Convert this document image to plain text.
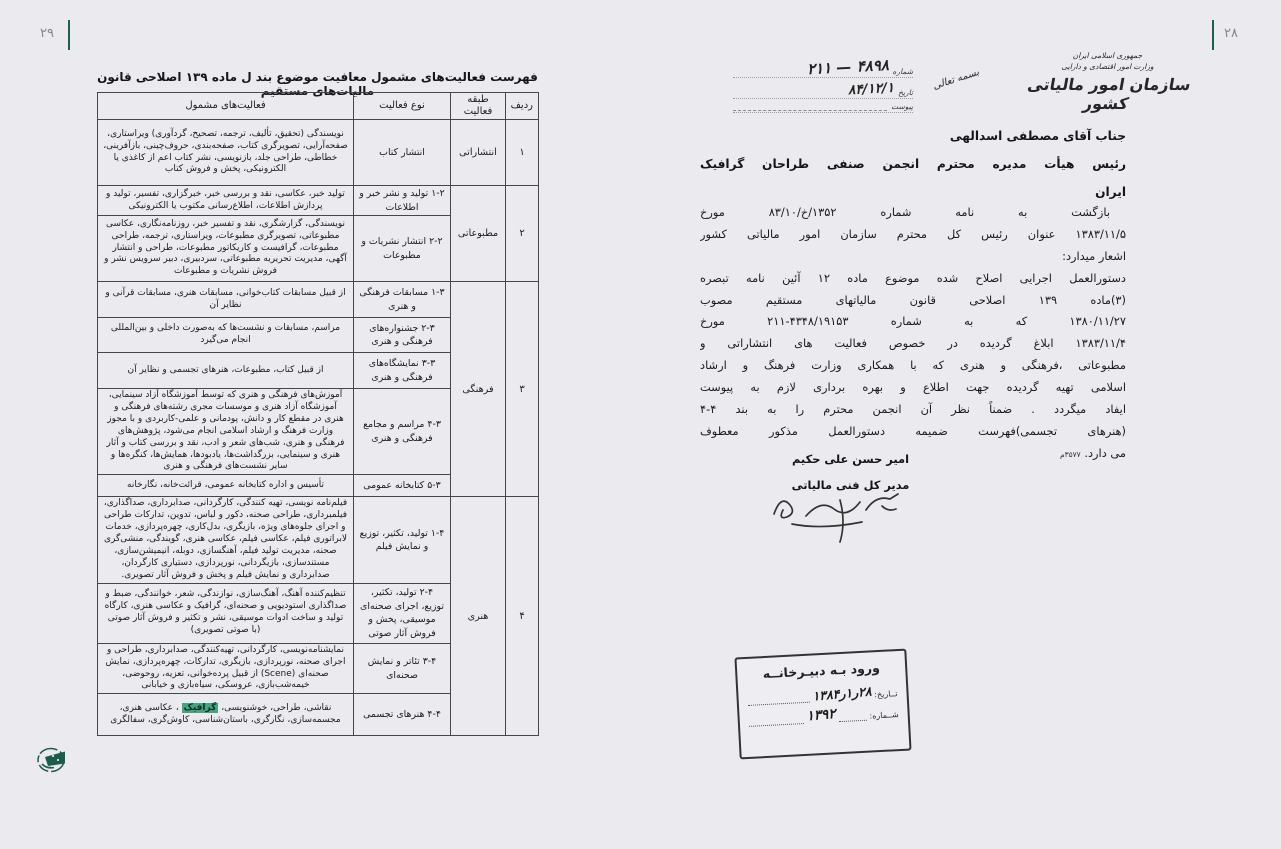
۲۹	۲۸
فهرست فعالیت‌های مشمول معافیت موضوع بند ل ماده ۱۳۹ اصلاحی قانون مالیات‌های مستقیم
ردیف	طبقه فعالیت	نوع فعالیت	فعالیت‌های مشمول
۱	انتشاراتی	انتشار کتاب	نویسندگی (تحقیق، تألیف، ترجمه، تصحیح، گردآوری) ویراستاری، صفحه‌آرایی، تصویرگری کتاب، صفحه‌بندی، حروف‌چینی، بازآفرینی، خطاطی، طراحی جلد، بازنویسی، نشر کتاب اعم از کاغذی یا الکترونیکی، پخش و فروش کتاب
۲	مطبوعاتی	۱-۲ تولید و نشر خبر و اطلاعات	تولید خبر، عکاسی، نقد و بررسی خبر، خبرگزاری، تفسیر، تولید و پردازش اطلاعات، اطلاع‌رسانی مکتوب یا الکترونیکی
		۲-۲ انتشار نشریات و مطبوعات	نویسندگی، گزارشگری، نقد و تفسیر خبر، روزنامه‌نگاری، عکاسی مطبوعاتی، تصویرگری مطبوعات، ویراستاری، ترجمه، طراحی مطبوعات، گرافیست و کاریکاتور مطبوعات، طراحی و انتشار آگهی، مدیریت تحریریه مطبوعاتی، سردبیری، دبیر سرویس نشر و فروش نشریات و مطبوعات
۳	فرهنگی	۱-۳ مسابقات فرهنگی و هنری	از قبیل مسابقات کتاب‌خوانی، مسابقات هنری، مسابقات قرآنی و نظایر آن
		۲-۳ جشنواره‌های فرهنگی و هنری	مراسم، مسابقات و نشست‌ها که به‌صورت داخلی و بین‌المللی انجام می‌گیرد
		۳-۳ نمایشگاه‌های فرهنگی و هنری	از قبیل کتاب، مطبوعات، هنرهای تجسمی و نظایر آن
		۴-۳ مراسم و مجامع فرهنگی و هنری	آموزش‌های فرهنگی و هنری که توسط آموزشگاه آزاد سینمایی، آموزشگاه آزاد هنری و موسسات مجری رشته‌های فرهنگی و هنری در مقطع کار و دانش، پودمانی و علمی-کاربردی و با مجوز وزارت فرهنگ و ارشاد اسلامی انجام می‌شود، پژوهش‌های فرهنگی و هنری، شب‌های شعر و ادب، نقد و بررسی کتاب و آثار هنری و سینمایی، بزرگداشت‌ها، یادبودها، همایش‌ها، کنگره‌ها و سایر نشست‌های فرهنگی و هنری
		۵-۳ کتابخانه عمومی	تأسیس و اداره کتابخانه عمومی، قرائت‌خانه، نگارخانه
۴	هنری	۱-۴ تولید، تکثیر، توزیع و نمایش فیلم	فیلم‌نامه نویسی، تهیه کنندگی، کارگردانی، صدابرداری، صداگذاری، فیلمبرداری، طراحی صحنه، دکور و لباس، تدوین، تدارکات طراحی و اجرای جلوه‌های ویژه، بازیگری، بدل‌کاری، چهره‌پردازی، خدمات لابراتوری فیلم، عکاسی فیلم، عکاسی هنری، گویندگی، منشی‌گری صحنه، مدیریت تولید فیلم، آهنگسازی، دوبله، انیمیشن‌سازی، مستندسازی، بازیگردانی، نورپردازی، دستیاری کارگردان، صدابرداری و نمایش فیلم و پخش و فروش آثار تصویری.
		۲-۴ تولید، تکثیر، توزیع، اجرای صحنه‌ای موسیقی، پخش و فروش آثار صوتی	تنظیم‌کننده آهنگ، آهنگ‌سازی، نوازندگی، شعر، خوانندگی، ضبط و صداگذاری استودیویی و صحنه‌ای، گرافیک و عکاسی هنری، کارگاه تولید و ساخت ادوات موسیقی، نشر و تکثیر و فروش آثار صوتی (با صوتی تصویری)
		۳-۴ تئاتر و نمایش صحنه‌ای	نمایشنامه‌نویسی، کارگردانی، تهیه‌کنندگی، صدابرداری، طراحی و اجرای صحنه، نورپردازی، بازیگری، تدارکات، چهره‌پردازی، نمایش صحنه‌ای (Scene) از قبیل پرده‌خوانی، تعزیه، روحوضی، خیمه‌شب‌بازی، عروسکی، سیاه‌بازی و خیابانی
		۴-۴ هنرهای تجسمی	نقاشی، طراحی، خوشنویسی، گرافیک ، عکاسی هنری، مجسمه‌سازی، نگارگری، باستان‌شناسی، کاوش‌گری، سفالگری
جمهوری اسلامی ایران
وزارت امور اقتصادی و دارایی
سازمان امور مالیاتی کشور
بسمه تعالی
شماره
۴۸۹۸ — ۲۱۱
تاریخ
۸۴/۱۲/۱
پیوست
جناب آقای مصطفی اسدالهی
رئیس هیأت مدیره محترم انجمن صنفی طراحان گرافیک
ایران
بازگشت به نامه شماره ۱۳۵۲/خ/۸۳/۱۰ مورخ
۱۳۸۳/۱۱/۵ عنوان رئیس کل محترم سازمان امور مالیاتی کشور
اشعار میدارد:
دستورالعمل اجرایی اصلاح شده موضوع ماده ۱۲ آئین نامه تبصره
(۳)ماده ۱۳۹ اصلاحی قانون مالیاتهای مستقیم مصوب
۱۳۸۰/۱۱/۲۷ که به شماره ۲۱۱-۴۳۴۸/۱۹۱۵۳ مورخ
۱۳۸۳/۱۱/۴ ابلاغ گردیده در خصوص فعالیت های انتشاراتی و
مطبوعاتی ،فرهنگی و هنری که با همکاری وزارت فرهنگ و ارشاد
اسلامی تهیه گردیده جهت اطلاع و بهره برداری لازم به پیوست
ایفاد میگردد . ضمناً نظر آن انجمن محترم را به بند ۴-۴
(هنرهای تجسمی)فهرست ضمیمه دستورالعمل مذکور معطوف
می دارد. ۳۵۷۷م
امیر حسن علی حکیم
مدیر کل فنی مالیاتی
ورود بـه دبیـرخانــه
تــاریخ:
۲۸ر۱ر۱۳۸۴
شــماره:
۱۳۹۲
